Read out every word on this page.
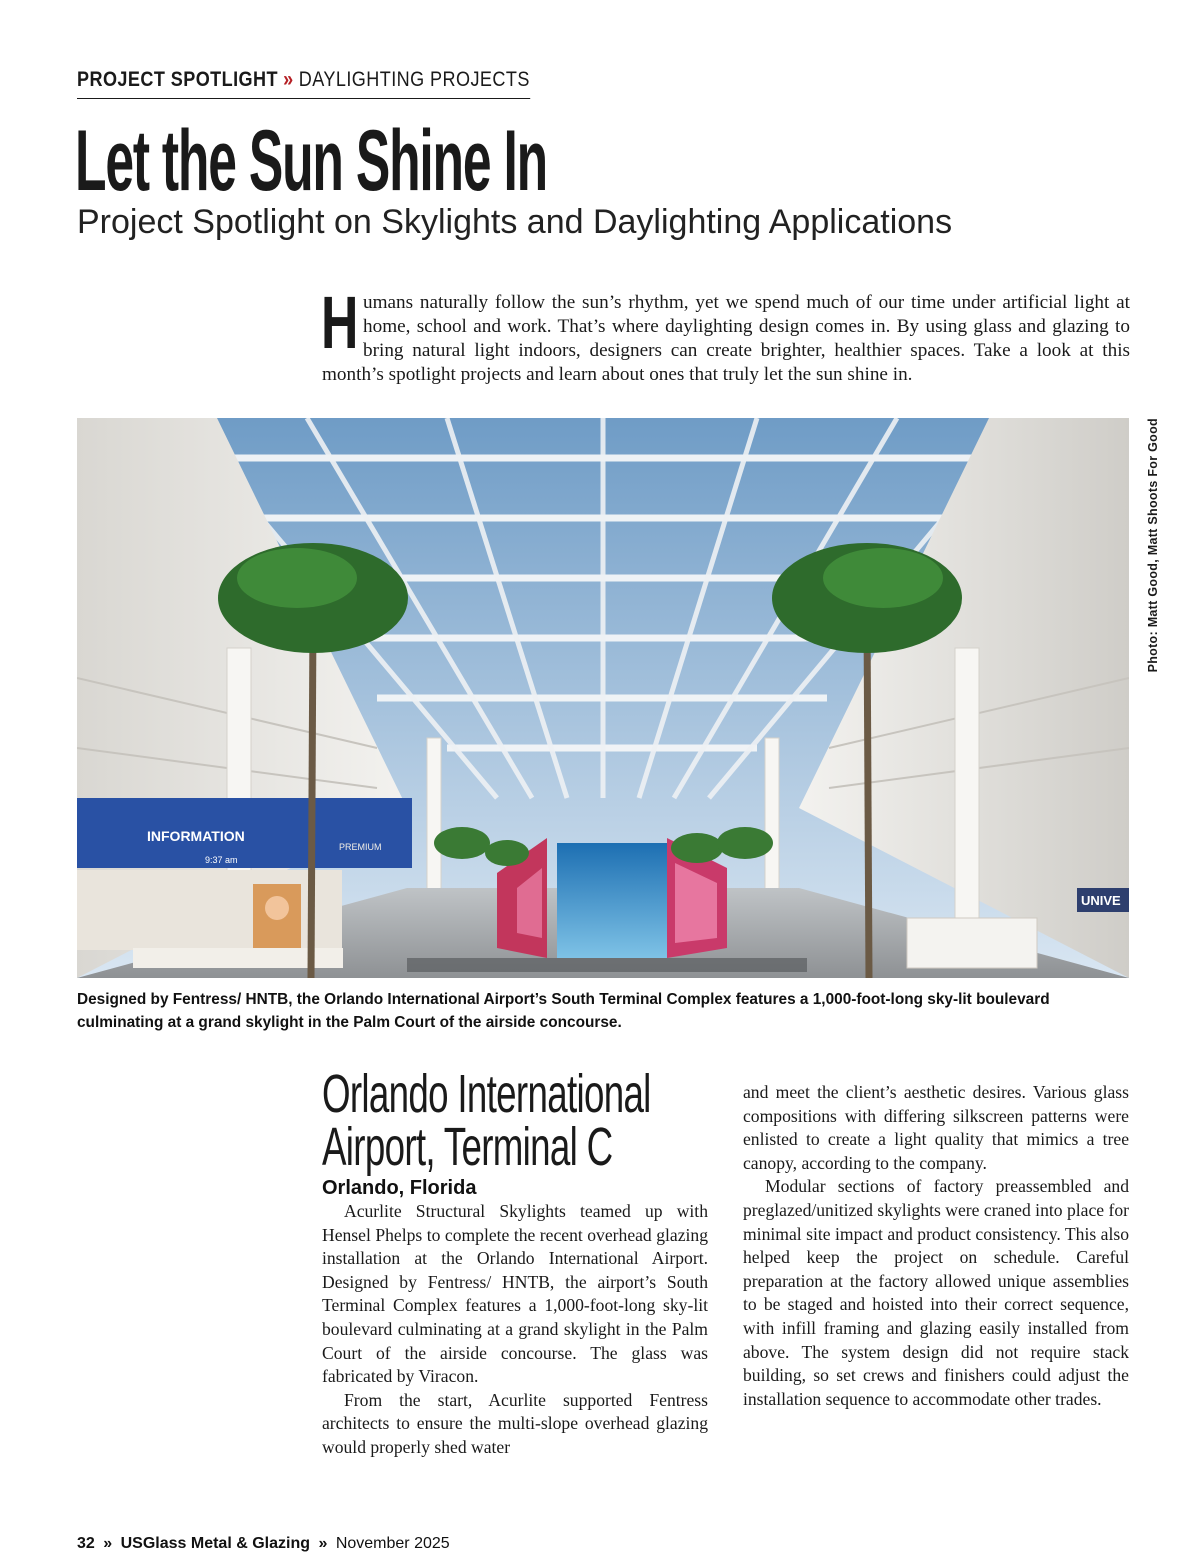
PROJECT SPOTLIGHT » DAYLIGHTING PROJECTS
Let the Sun Shine In
Project Spotlight on Skylights and Daylighting Applications

Humans naturally follow the sun’s rhythm, yet we spend much of our time under artificial light at home, school and work. That’s where daylighting design comes in. By using glass and glazing to bring natural light indoors, designers can create brighter, healthier spaces. Take a look at this month’s spotlight projects and learn about ones that truly let the sun shine in.

INFORMATION
9:37 am
PREMIUM
UNIVE
Photo: Matt Good, Matt Shoots For Good

Designed by Fentress/ HNTB, the Orlando International Airport’s South Terminal Complex features a 1,000-foot-long sky-lit boulevard culminating at a grand skylight in the Palm Court of the airside concourse.

Orlando International
Airport, Terminal C
Orlando, Florida

Acurlite Structural Skylights teamed up with Hensel Phelps to complete the recent overhead glazing installation at the Orlando International Airport. Designed by Fentress/ HNTB, the airport’s South Terminal Complex features a 1,000-foot-long sky-lit boulevard culminating at a grand skylight in the Palm Court of the airside concourse. The glass was fabricated by Viracon.

From the start, Acurlite supported Fentress architects to ensure the multi-slope overhead glazing would properly shed water

and meet the client’s aesthetic desires. Various glass compositions with differing silkscreen patterns were enlisted to create a light quality that mimics a tree canopy, according to the company.

Modular sections of factory preassembled and preglazed/unitized skylights were craned into place for minimal site impact and product consistency. This also helped keep the project on schedule. Careful preparation at the factory allowed unique assemblies to be staged and hoisted into their correct sequence, with infill framing and glazing easily installed from above. The system design did not require stack building, so set crews and finishers could adjust the installation sequence to accommodate other trades.

32 » USGlass Metal & Glazing » November 2025
